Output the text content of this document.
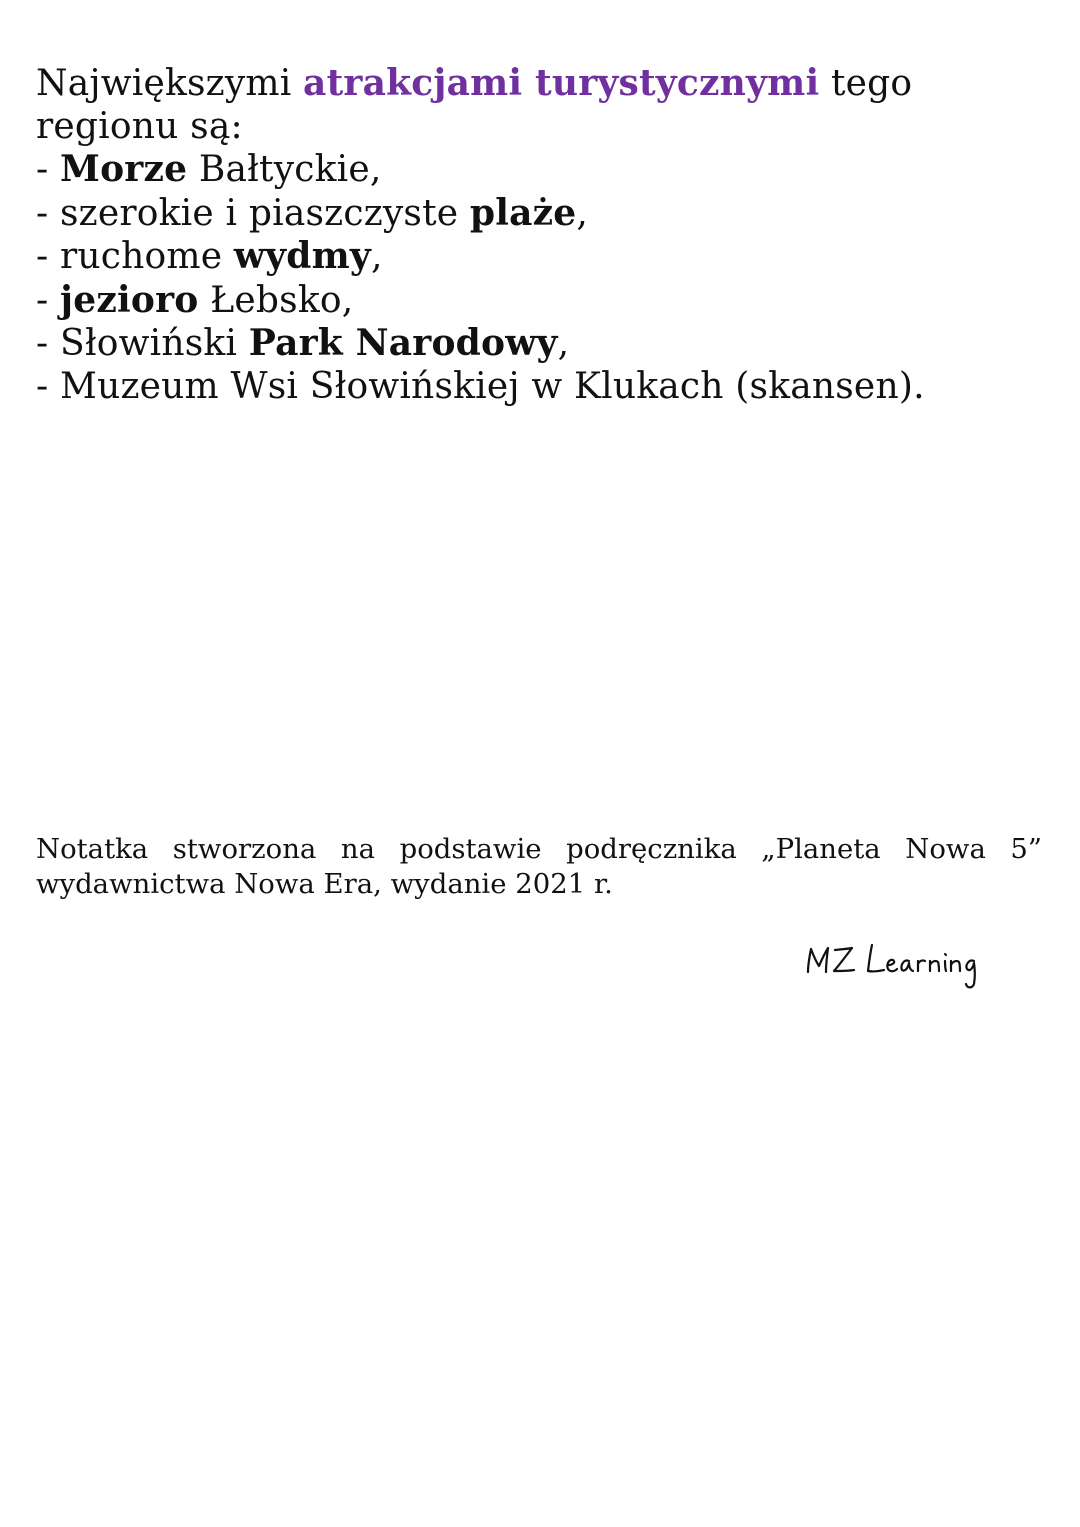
Największymi atrakcjami turystycznymi tego regionu są:

- Morze Bałtyckie,
- szerokie i piaszczyste plaże,
- ruchome wydmy,
- jezioro Łebsko,
- Słowiński Park Narodowy,
- Muzeum Wsi Słowińskiej w Klukach (skansen).
Notatka stworzona na podstawie podręcznika „Planeta Nowa 5”
wydawnictwa Nowa Era, wydanie 2021 r.
